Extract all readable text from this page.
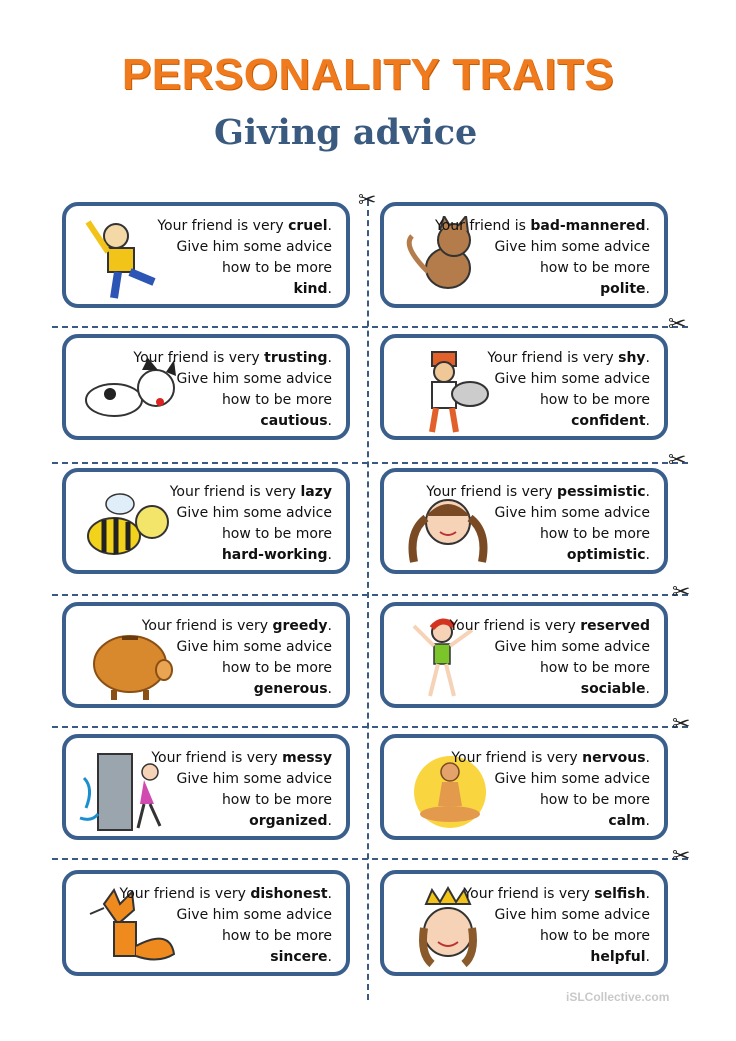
PERSONALITY TRAITS
Giving advice
✂
✂
✂
✂
✂
✂
Your friend is very cruel.
Give him some advice
how to be more
kind.
Your friend is bad-mannered.
Give him some advice
how to be more
polite.
Your friend is very trusting.
Give him some advice
how to be more
cautious.
Your friend is very shy.
Give him some advice
how to be more
confident.
Your friend is very lazy
Give him some advice
how to be more
hard-working.
Your friend is very pessimistic.
Give him some advice
how to be more
optimistic.
Your friend is very greedy.
Give him some advice
how to be more
generous.
Your friend is very reserved
Give him some advice
how to be more
sociable.
Your friend is very messy
Give him some advice
how to be more
organized.
Your friend is very nervous.
Give him some advice
how to be more
calm.
Your friend is very dishonest.
Give him some advice
how to be more
sincere.
Your friend is very selfish.
Give him some advice
how to be more
helpful.
iSLCollective.com
